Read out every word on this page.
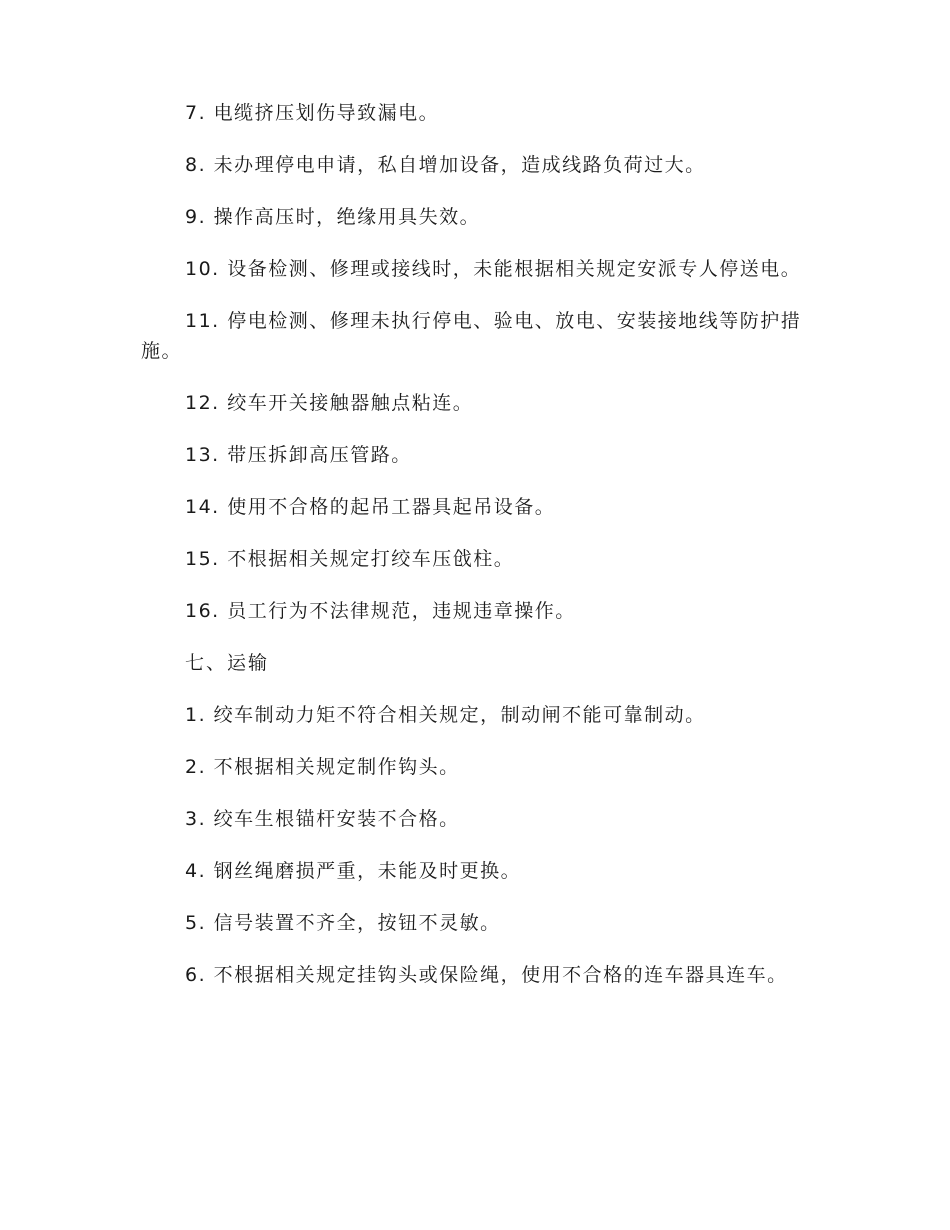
7. 电缆挤压划伤导致漏电。

8. 未办理停电申请，私自增加设备，造成线路负荷过大。

9. 操作高压时，绝缘用具失效。

10. 设备检测、修理或接线时，未能根据相关规定安派专人停送电。

11. 停电检测、修理未执行停电、验电、放电、安装接地线等防护措施。

12. 绞车开关接触器触点粘连。

13. 带压拆卸高压管路。

14. 使用不合格的起吊工器具起吊设备。

15. 不根据相关规定打绞车压戗柱。

16. 员工行为不法律规范，违规违章操作。

七、运输

1. 绞车制动力矩不符合相关规定，制动闸不能可靠制动。

2. 不根据相关规定制作钩头。

3. 绞车生根锚杆安装不合格。

4. 钢丝绳磨损严重，未能及时更换。

5. 信号装置不齐全，按钮不灵敏。

6. 不根据相关规定挂钩头或保险绳，使用不合格的连车器具连车。
